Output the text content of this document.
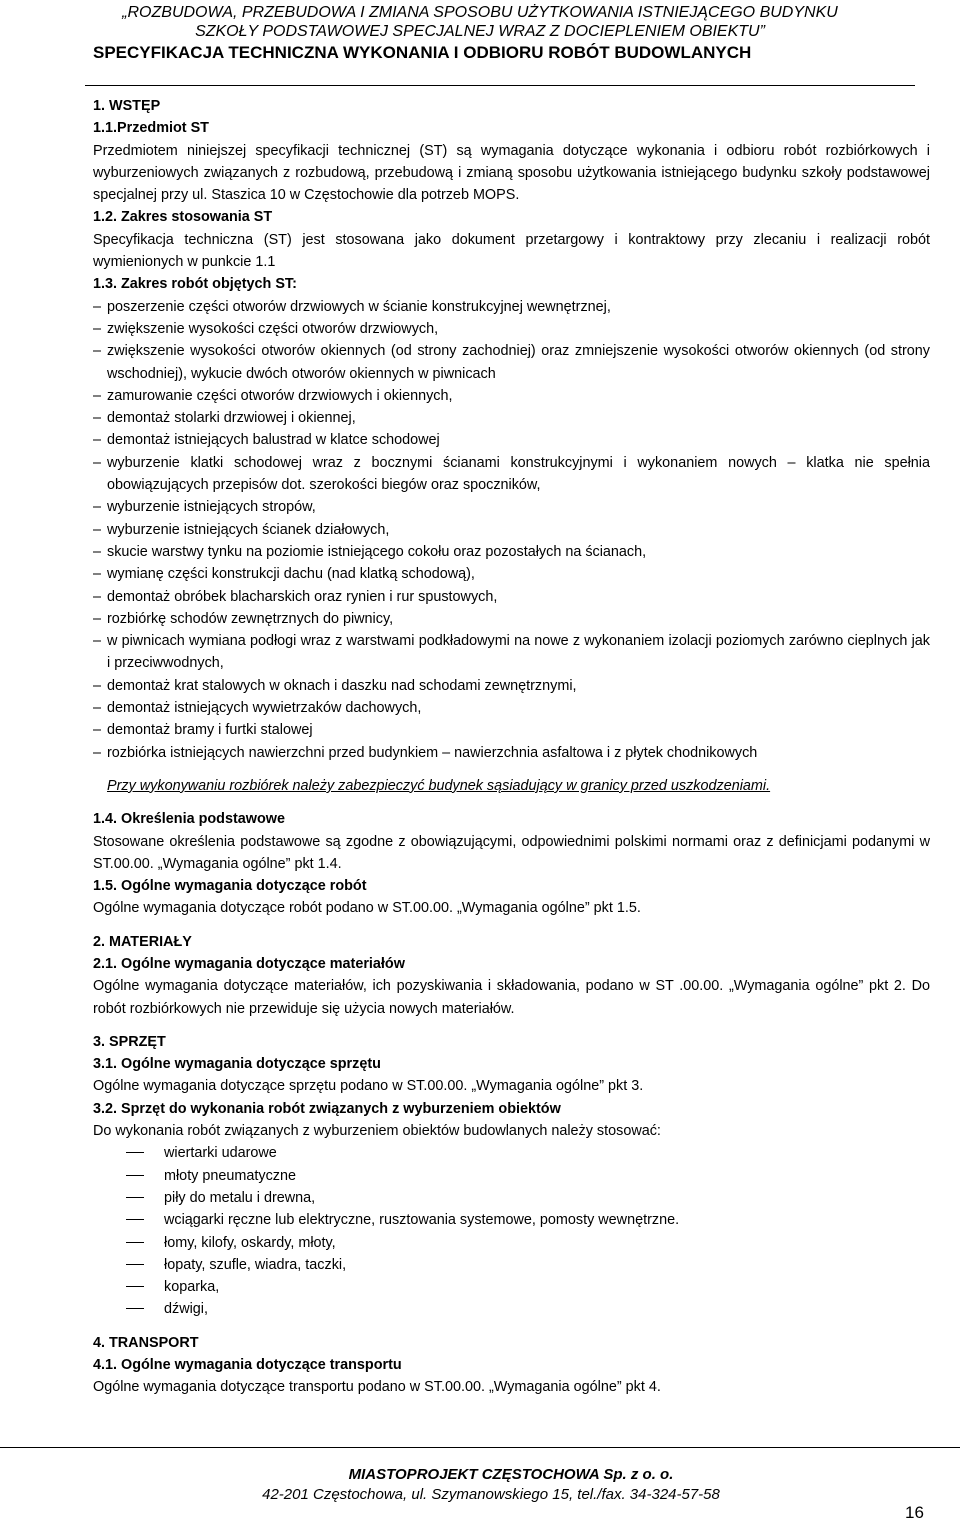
„ROZBUDOWA, PRZEBUDOWA I ZMIANA SPOSOBU UŻYTKOWANIA ISTNIEJĄCEGO BUDYNKU
SZKOŁY PODSTAWOWEJ SPECJALNEJ WRAZ Z DOCIEPLENIEM OBIEKTU”
SPECYFIKACJA TECHNICZNA WYKONANIA I ODBIORU ROBÓT BUDOWLANYCH

1. WSTĘP

1.1.Przedmiot ST

Przedmiotem niniejszej specyfikacji technicznej (ST) są wymagania dotyczące wykonania i odbioru robót rozbiórkowych i wyburzeniowych związanych z rozbudową, przebudową i zmianą sposobu użytkowania istniejącego budynku szkoły podstawowej specjalnej przy ul. Staszica 10 w Częstochowie dla potrzeb MOPS.

1.2. Zakres stosowania ST

Specyfikacja techniczna (ST) jest stosowana jako dokument przetargowy i kontraktowy przy zlecaniu i realizacji robót wymienionych w punkcie 1.1

1.3. Zakres robót objętych ST:

– poszerzenie części otworów drzwiowych w ścianie konstrukcyjnej wewnętrznej,
– zwiększenie wysokości części otworów drzwiowych,
– zwiększenie wysokości otworów okiennych (od strony zachodniej) oraz zmniejszenie wysokości otworów okiennych (od strony wschodniej), wykucie dwóch otworów okiennych w piwnicach
– zamurowanie części otworów drzwiowych i okiennych,
– demontaż stolarki drzwiowej i okiennej,
– demontaż istniejących balustrad w klatce schodowej
– wyburzenie klatki schodowej wraz z bocznymi ścianami konstrukcyjnymi i wykonaniem nowych – klatka nie spełnia obowiązujących przepisów dot. szerokości biegów oraz spoczników,
– wyburzenie istniejących stropów,
– wyburzenie istniejących ścianek działowych,
– skucie warstwy tynku na poziomie istniejącego cokołu oraz pozostałych na ścianach,
– wymianę części konstrukcji dachu (nad klatką schodową),
– demontaż obróbek blacharskich oraz rynien i rur spustowych,
– rozbiórkę schodów zewnętrznych do piwnicy,
– w piwnicach wymiana podłogi wraz z warstwami podkładowymi na nowe z wykonaniem izolacji poziomych zarówno cieplnych jak i przeciwwodnych,
– demontaż krat stalowych w oknach i daszku nad schodami zewnętrznymi,
– demontaż istniejących wywietrzaków dachowych,
– demontaż bramy i furtki stalowej
– rozbiórka istniejących nawierzchni przed budynkiem – nawierzchnia asfaltowa i z płytek chodnikowych

Przy wykonywaniu rozbiórek należy zabezpieczyć budynek sąsiadujący w granicy przed uszkodzeniami.

1.4. Określenia podstawowe

Stosowane określenia podstawowe są zgodne z obowiązującymi, odpowiednimi polskimi normami oraz z definicjami podanymi w ST.00.00. „Wymagania ogólne” pkt 1.4.

1.5. Ogólne wymagania dotyczące robót

Ogólne wymagania dotyczące robót podano w ST.00.00. „Wymagania ogólne” pkt 1.5.

2. MATERIAŁY

2.1. Ogólne wymagania dotyczące materiałów

Ogólne wymagania dotyczące materiałów, ich pozyskiwania i składowania, podano w ST .00.00. „Wymagania ogólne” pkt 2. Do robót rozbiórkowych nie przewiduje się użycia nowych materiałów.

3. SPRZĘT

3.1. Ogólne wymagania dotyczące sprzętu

Ogólne wymagania dotyczące sprzętu podano w ST.00.00. „Wymagania ogólne” pkt 3.

3.2. Sprzęt do wykonania robót związanych z wyburzeniem obiektów

Do wykonania robót związanych z wyburzeniem obiektów budowlanych należy stosować:

wiertarki udarowe
młoty pneumatyczne
piły do metalu i drewna,
wciągarki ręczne lub elektryczne, rusztowania systemowe, pomosty wewnętrzne.
łomy, kilofy, oskardy, młoty,
łopaty, szufle, wiadra, taczki,
koparka,
dźwigi,

4. TRANSPORT

4.1. Ogólne wymagania dotyczące transportu

Ogólne wymagania dotyczące transportu podano w ST.00.00. „Wymagania ogólne” pkt 4.

MIASTOPROJEKT CZĘSTOCHOWA Sp. z o. o.
42-201 Częstochowa, ul. Szymanowskiego 15, tel./fax. 34-324-57-58
16
